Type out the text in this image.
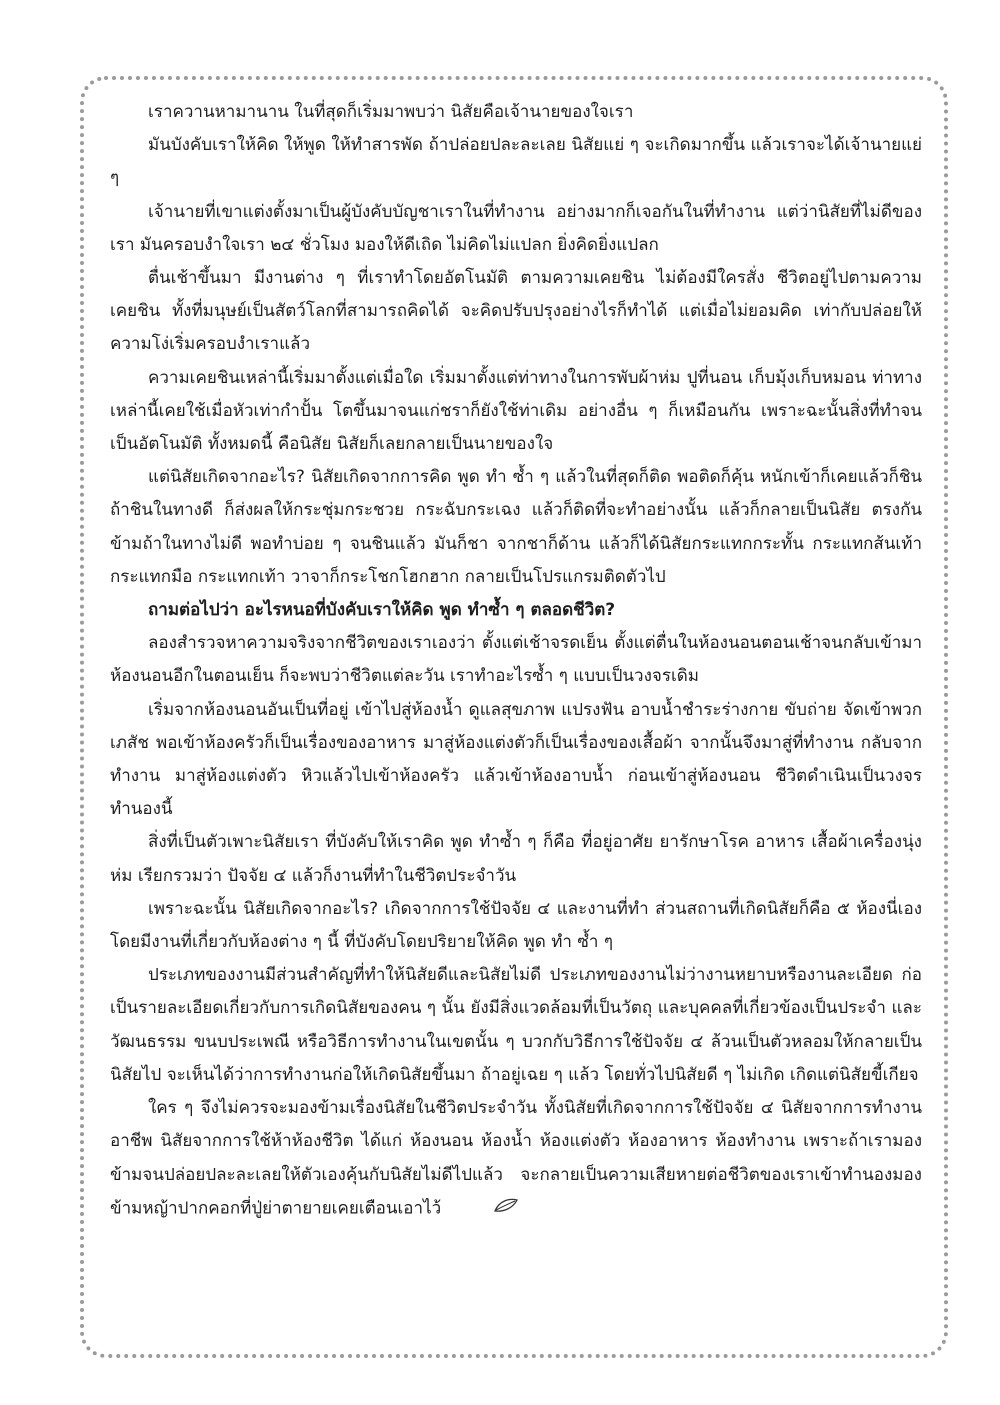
เราควานหามานาน ในที่สุดก็เริ่มมาพบว่า นิสัยคือเจ้านายของใจเรา

มันบังคับเราให้คิด ให้พูด ให้ทำสารพัด ถ้าปล่อยปละละเลย นิสัยแย่ ๆ จะเกิดมากขึ้น แล้วเราจะได้เจ้านายแย่ ๆ

เจ้านายที่เขาแต่งตั้งมาเป็นผู้บังคับบัญชาเราในที่ทำงาน อย่างมากก็เจอกันในที่ทำงาน แต่ว่านิสัยที่ไม่ดีของเรา มันครอบงำใจเรา ๒๔ ชั่วโมง มองให้ดีเถิด ไม่คิดไม่แปลก ยิ่งคิดยิ่งแปลก

ตื่นเช้าขึ้นมา มีงานต่าง ๆ ที่เราทำโดยอัตโนมัติ ตามความเคยชิน ไม่ต้องมีใครสั่ง ชีวิตอยู่ไปตามความเคยชิน ทั้งที่มนุษย์เป็นสัตว์โลกที่สามารถคิดได้ จะคิดปรับปรุงอย่างไรก็ทำได้ แต่เมื่อไม่ยอมคิด เท่ากับปล่อยให้ความโง่เริ่มครอบงำเราแล้ว

ความเคยชินเหล่านี้เริ่มมาตั้งแต่เมื่อใด เริ่มมาตั้งแต่ท่าทางในการพับผ้าห่ม ปูที่นอน เก็บมุ้งเก็บหมอน ท่าทางเหล่านี้เคยใช้เมื่อหัวเท่ากำปั้น โตขึ้นมาจนแก่ชราก็ยังใช้ท่าเดิม อย่างอื่น ๆ ก็เหมือนกัน เพราะฉะนั้นสิ่งที่ทำจนเป็นอัตโนมัติ ทั้งหมดนี้ คือนิสัย นิสัยก็เลยกลายเป็นนายของใจ

แต่นิสัยเกิดจากอะไร? นิสัยเกิดจากการคิด พูด ทำ ซ้ำ ๆ แล้วในที่สุดก็ติด พอติดก็คุ้น หนักเข้าก็เคยแล้วก็ชิน ถ้าชินในทางดี ก็ส่งผลให้กระชุ่มกระชวย กระฉับกระเฉง แล้วก็ติดที่จะทำอย่างนั้น แล้วก็กลายเป็นนิสัย ตรงกันข้ามถ้าในทางไม่ดี พอทำบ่อย ๆ จนชินแล้ว มันก็ชา จากชาก็ด้าน แล้วก็ได้นิสัยกระแทกกระทั้น กระแทกส้นเท้า กระแทกมือ กระแทกเท้า วาจาก็กระโชกโฮกฮาก กลายเป็นโปรแกรมติดตัวไป

ถามต่อไปว่า อะไรหนอที่บังคับเราให้คิด พูด ทำซ้ำ ๆ ตลอดชีวิต?

ลองสำรวจหาความจริงจากชีวิตของเราเองว่า ตั้งแต่เช้าจรดเย็น ตั้งแต่ตื่นในห้องนอนตอนเช้าจนกลับเข้ามาห้องนอนอีกในตอนเย็น ก็จะพบว่าชีวิตแต่ละวัน เราทำอะไรซ้ำ ๆ แบบเป็นวงจรเดิม

เริ่มจากห้องนอนอันเป็นที่อยู่ เข้าไปสู่ห้องน้ำ ดูแลสุขภาพ แปรงฟัน อาบน้ำชำระร่างกาย ขับถ่าย จัดเข้าพวกเภสัช พอเข้าห้องครัวก็เป็นเรื่องของอาหาร มาสู่ห้องแต่งตัวก็เป็นเรื่องของเสื้อผ้า จากนั้นจึงมาสู่ที่ทำงาน กลับจากทำงาน มาสู่ห้องแต่งตัว หิวแล้วไปเข้าห้องครัว แล้วเข้าห้องอาบน้ำ ก่อนเข้าสู่ห้องนอน ชีวิตดำเนินเป็นวงจรทำนองนี้

สิ่งที่เป็นตัวเพาะนิสัยเรา ที่บังคับให้เราคิด พูด ทำซ้ำ ๆ ก็คือ ที่อยู่อาศัย ยารักษาโรค อาหาร เสื้อผ้าเครื่องนุ่งห่ม เรียกรวมว่า ปัจจัย ๔ แล้วก็งานที่ทำในชีวิตประจำวัน

เพราะฉะนั้น นิสัยเกิดจากอะไร? เกิดจากการใช้ปัจจัย ๔ และงานที่ทำ ส่วนสถานที่เกิดนิสัยก็คือ ๕ ห้องนี่เอง โดยมีงานที่เกี่ยวกับห้องต่าง ๆ นี้ ที่บังคับโดยปริยายให้คิด พูด ทำ ซ้ำ ๆ

ประเภทของงานมีส่วนสำคัญที่ทำให้นิสัยดีและนิสัยไม่ดี ประเภทของงานไม่ว่างานหยาบหรืองานละเอียด ก่อเป็นรายละเอียดเกี่ยวกับการเกิดนิสัยของคน ๆ นั้น ยังมีสิ่งแวดล้อมที่เป็นวัตถุ และบุคคลที่เกี่ยวข้องเป็นประจำ และวัฒนธรรม ขนบประเพณี หรือวิธีการทำงานในเขตนั้น ๆ บวกกับวิธีการใช้ปัจจัย ๔ ล้วนเป็นตัวหลอมให้กลายเป็นนิสัยไป จะเห็นได้ว่าการทำงานก่อให้เกิดนิสัยขึ้นมา ถ้าอยู่เฉย ๆ แล้ว โดยทั่วไปนิสัยดี ๆ ไม่เกิด เกิดแต่นิสัยขี้เกียจ

ใคร ๆ จึงไม่ควรจะมองข้ามเรื่องนิสัยในชีวิตประจำวัน ทั้งนิสัยที่เกิดจากการใช้ปัจจัย ๔ นิสัยจากการทำงานอาชีพ นิสัยจากการใช้ห้าห้องชีวิต ได้แก่ ห้องนอน ห้องน้ำ ห้องแต่งตัว ห้องอาหาร ห้องทำงาน เพราะถ้าเรามองข้ามจนปล่อยปละละเลยให้ตัวเองคุ้นกับนิสัยไม่ดีไปแล้ว จะกลายเป็นความเสียหายต่อชีวิตของเราเข้าทำนองมองข้ามหญ้าปากคอกที่ปู่ย่าตายายเคยเตือนเอาไว้
